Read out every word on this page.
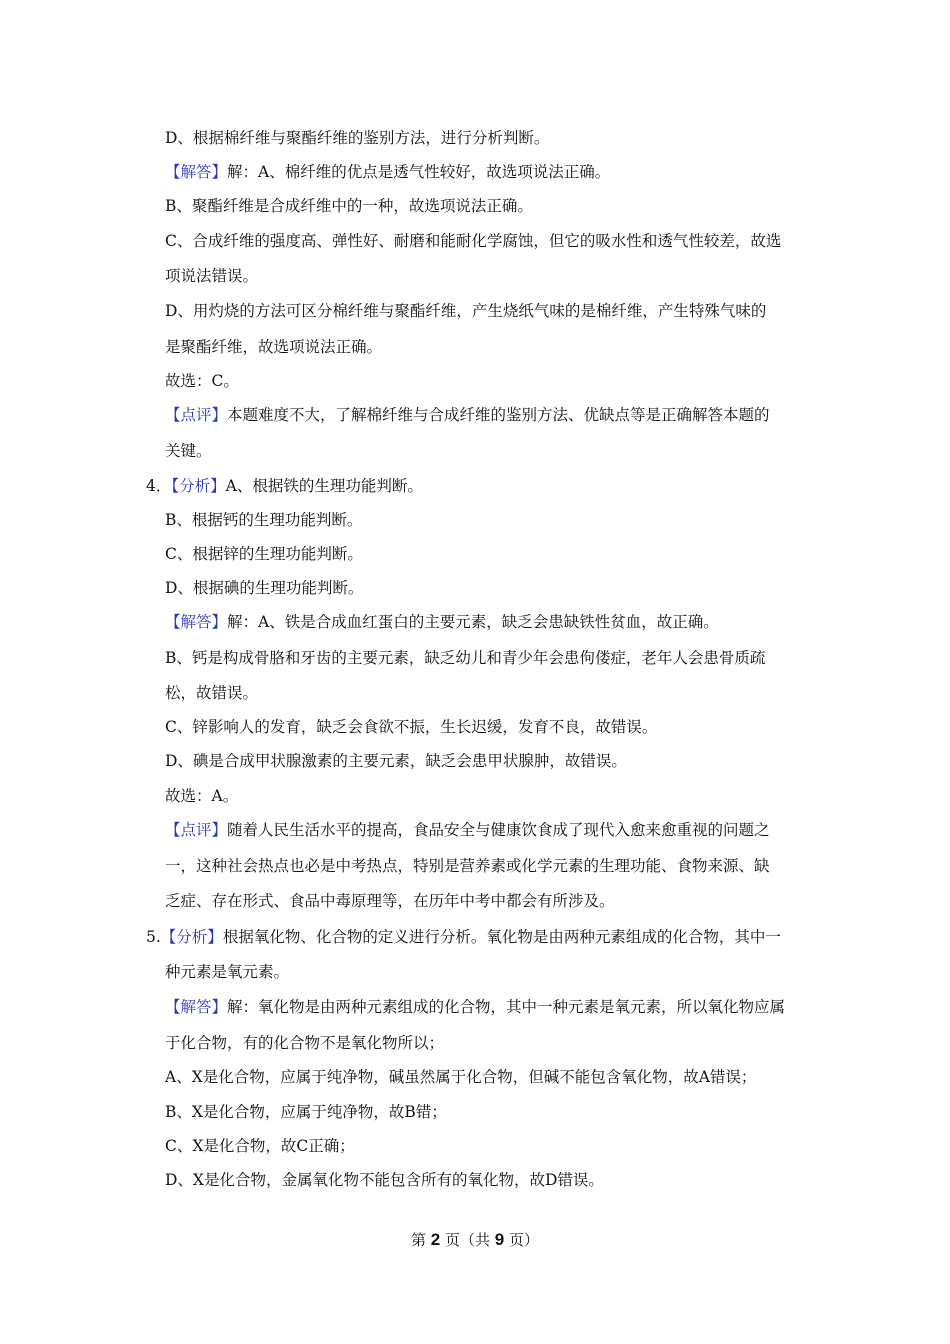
D、根据棉纤维与聚酯纤维的鉴别方法，进行分析判断。
【解答】解：A、棉纤维的优点是透气性较好，故选项说法正确。
B、聚酯纤维是合成纤维中的一种，故选项说法正确。
C、合成纤维的强度高、弹性好、耐磨和能耐化学腐蚀，但它的吸水性和透气性较差，故选
项说法错误。
D、用灼烧的方法可区分棉纤维与聚酯纤维，产生烧纸气味的是棉纤维，产生特殊气味的
是聚酯纤维，故选项说法正确。
故选：C。
【点评】本题难度不大，了解棉纤维与合成纤维的鉴别方法、优缺点等是正确解答本题的
关键。
4．【分析】A、根据铁的生理功能判断。
B、根据钙的生理功能判断。
C、根据锌的生理功能判断。
D、根据碘的生理功能判断。
【解答】解：A、铁是合成血红蛋白的主要元素，缺乏会患缺铁性贫血，故正确。
B、钙是构成骨胳和牙齿的主要元素，缺乏幼儿和青少年会患佝偻症，老年人会患骨质疏
松，故错误。
C、锌影响人的发育，缺乏会食欲不振，生长迟缓，发育不良，故错误。
D、碘是合成甲状腺激素的主要元素，缺乏会患甲状腺肿，故错误。
故选：A。
【点评】随着人民生活水平的提高，食品安全与健康饮食成了现代入愈来愈重视的问题之
一，这种社会热点也必是中考热点，特别是营养素或化学元素的生理功能、食物来源、缺
乏症、存在形式、食品中毒原理等，在历年中考中都会有所涉及。
5.【分析】根据氧化物、化合物的定义进行分析。氧化物是由两种元素组成的化合物，其中一
种元素是氧元素。
【解答】解：氧化物是由两种元素组成的化合物，其中一种元素是氧元素，所以氧化物应属
于化合物，有的化合物不是氧化物所以；
A、X是化合物，应属于纯净物，碱虽然属于化合物，但碱不能包含氧化物，故A错误；
B、X是化合物，应属于纯净物，故B错；
C、X是化合物，故C正确；
D、X是化合物，金属氧化物不能包含所有的氧化物，故D错误。
第 2 页（共 9 页）
